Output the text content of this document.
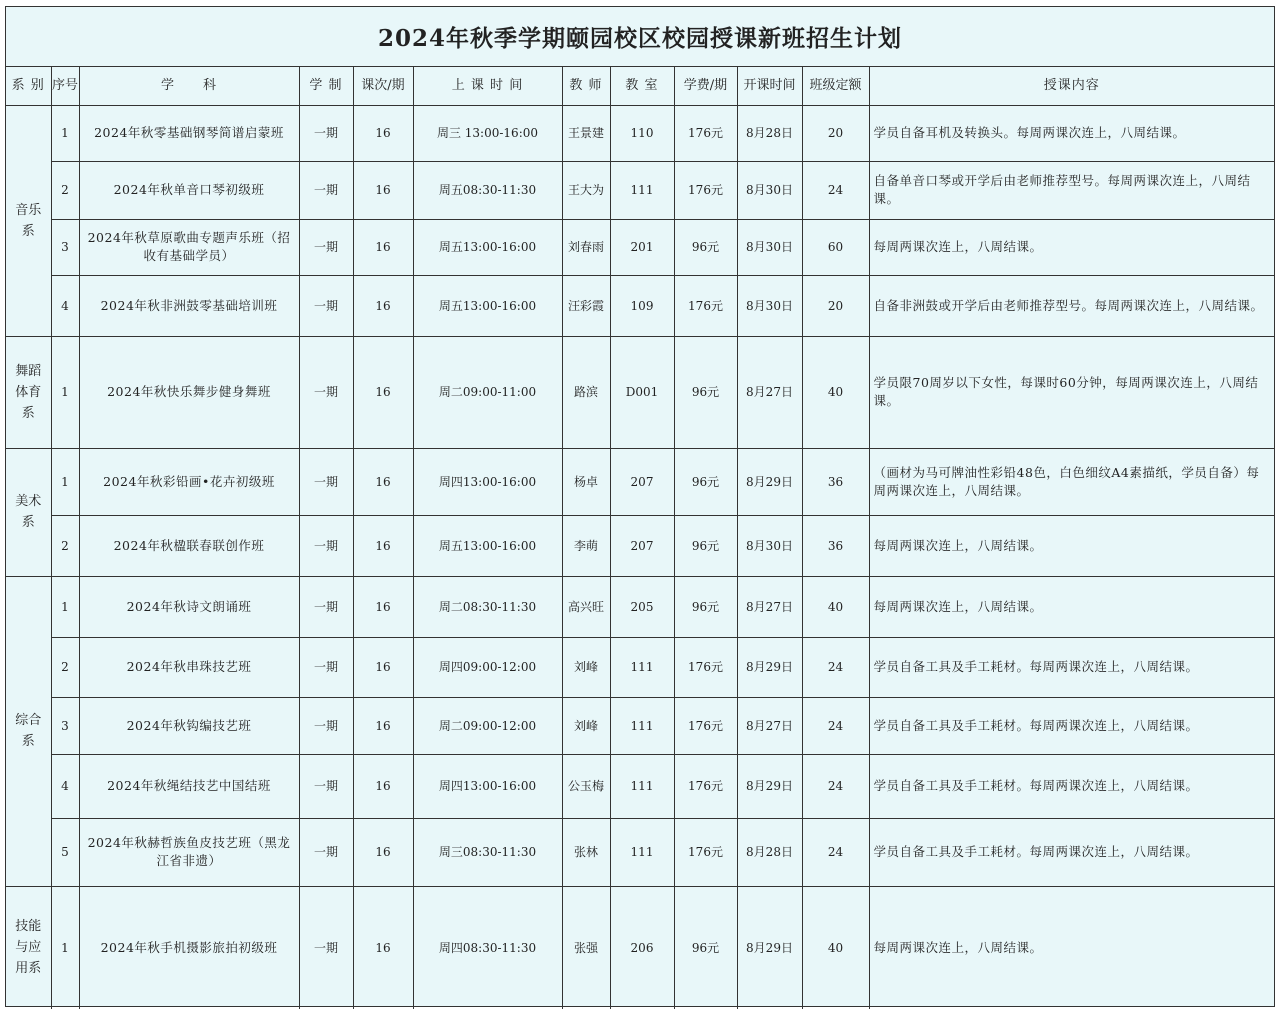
2024年秋季学期颐园校区校园授课新班招生计划
系 别	序号	学　　科	学 制	课次/期	上 课 时 间	教 师	教 室	学费/期	开课时间	班级定额	授课内容
音乐系	1	2024年秋零基础钢琴简谱启蒙班	一期	16	周三 13:00-16:00	王景建	110	176元	8月28日	20	学员自备耳机及转换头。每周两课次连上，八周结课。
	2	2024年秋单音口琴初级班	一期	16	周五08:30-11:30	王大为	111	176元	8月30日	24	自备单音口琴或开学后由老师推荐型号。每周两课次连上，八周结课。
	3	2024年秋草原歌曲专题声乐班（招收有基础学员）	一期	16	周五13:00-16:00	刘春雨	201	96元	8月30日	60	每周两课次连上，八周结课。
	4	2024年秋非洲鼓零基础培训班	一期	16	周五13:00-16:00	汪彩霞	109	176元	8月30日	20	自备非洲鼓或开学后由老师推荐型号。每周两课次连上，八周结课。
舞蹈体育系	1	2024年秋快乐舞步健身舞班	一期	16	周二09:00-11:00	路滨	D001	96元	8月27日	40	学员限70周岁以下女性，每课时60分钟，每周两课次连上，八周结课。
美术系	1	2024年秋彩铅画•花卉初级班	一期	16	周四13:00-16:00	杨卓	207	96元	8月29日	36	（画材为马可牌油性彩铅48色，白色细纹A4素描纸，学员自备）每周两课次连上，八周结课。
	2	2024年秋楹联春联创作班	一期	16	周五13:00-16:00	李萌	207	96元	8月30日	36	每周两课次连上，八周结课。
综合系	1	2024年秋诗文朗诵班	一期	16	周二08:30-11:30	高兴旺	205	96元	8月27日	40	每周两课次连上，八周结课。
	2	2024年秋串珠技艺班	一期	16	周四09:00-12:00	刘峰	111	176元	8月29日	24	学员自备工具及手工耗材。每周两课次连上，八周结课。
	3	2024年秋钩编技艺班	一期	16	周二09:00-12:00	刘峰	111	176元	8月27日	24	学员自备工具及手工耗材。每周两课次连上，八周结课。
	4	2024年秋绳结技艺中国结班	一期	16	周四13:00-16:00	公玉梅	111	176元	8月29日	24	学员自备工具及手工耗材。每周两课次连上，八周结课。
	5	2024年秋赫哲族鱼皮技艺班（黑龙江省非遗）	一期	16	周三08:30-11:30	张林	111	176元	8月28日	24	学员自备工具及手工耗材。每周两课次连上，八周结课。
技能与应用系	1	2024年秋手机摄影旅拍初级班	一期	16	周四08:30-11:30	张强	206	96元	8月29日	40	每周两课次连上，八周结课。
